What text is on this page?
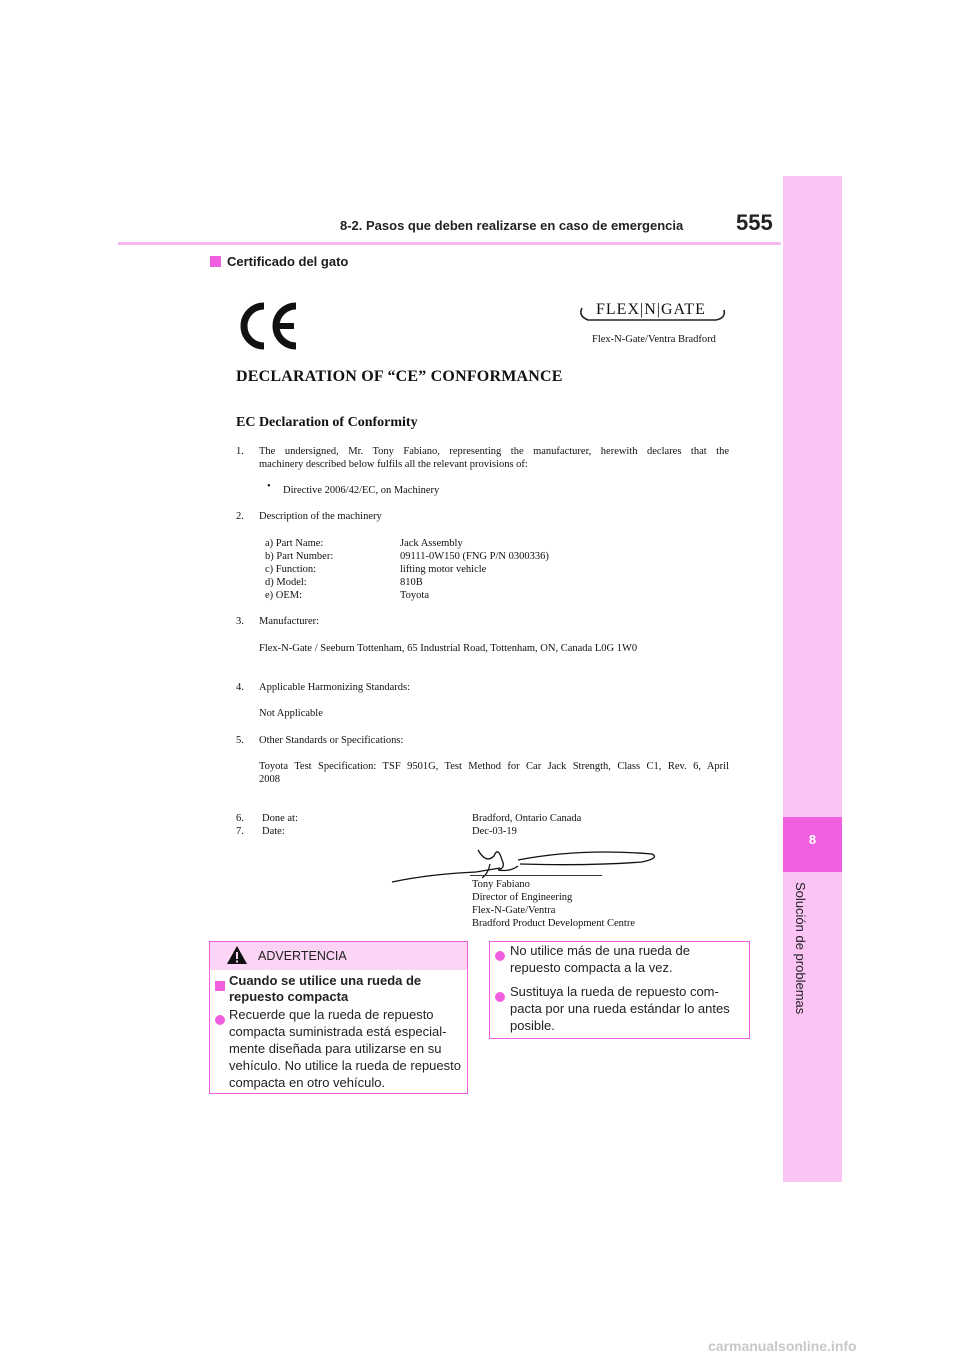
8
Solución de problemas
8-2. Pasos que deben realizarse en caso de emergencia 555
Certificado del gato
FLEX|N|GATE
Flex-N-Gate/Ventra Bradford
DECLARATION OF “CE” CONFORMANCE
EC Declaration of Conformity
1. The undersigned, Mr. Tony Fabiano, representing the manufacturer, herewith declares that the
machinery described below fulfils all the relevant provisions of:
• Directive 2006/42/EC, on Machinery
2. Description of the machinery
a) Part Name:	Jack Assembly
b) Part Number:	09111-0W150 (FNG P/N 0300336)
c) Function:	lifting motor vehicle
d) Model:	810B
e) OEM:	Toyota
3. Manufacturer:
Flex-N-Gate / Seeburn Tottenham, 65 Industrial Road, Tottenham, ON, Canada L0G 1W0
4. Applicable Harmonizing Standards:
Not Applicable
5. Other Standards or Specifications:
Toyota Test Specification: TSF 9501G, Test Method for Car Jack Strength, Class C1, Rev. 6, April
2008
6. Done at:	Bradford, Ontario Canada
7. Date:	Dec-03-19
Tony Fabiano
Director of Engineering
Flex-N-Gate/Ventra
Bradford Product Development Centre
ADVERTENCIA
Cuando se utilice una rueda de
repuesto compacta
Recuerde que la rueda de repuesto
compacta suministrada está especial-
mente diseñada para utilizarse en su
vehículo. No utilice la rueda de repuesto
compacta en otro vehículo.
No utilice más de una rueda de
repuesto compacta a la vez.
Sustituya la rueda de repuesto com-
pacta por una rueda estándar lo antes
posible.
carmanualsonline.info
